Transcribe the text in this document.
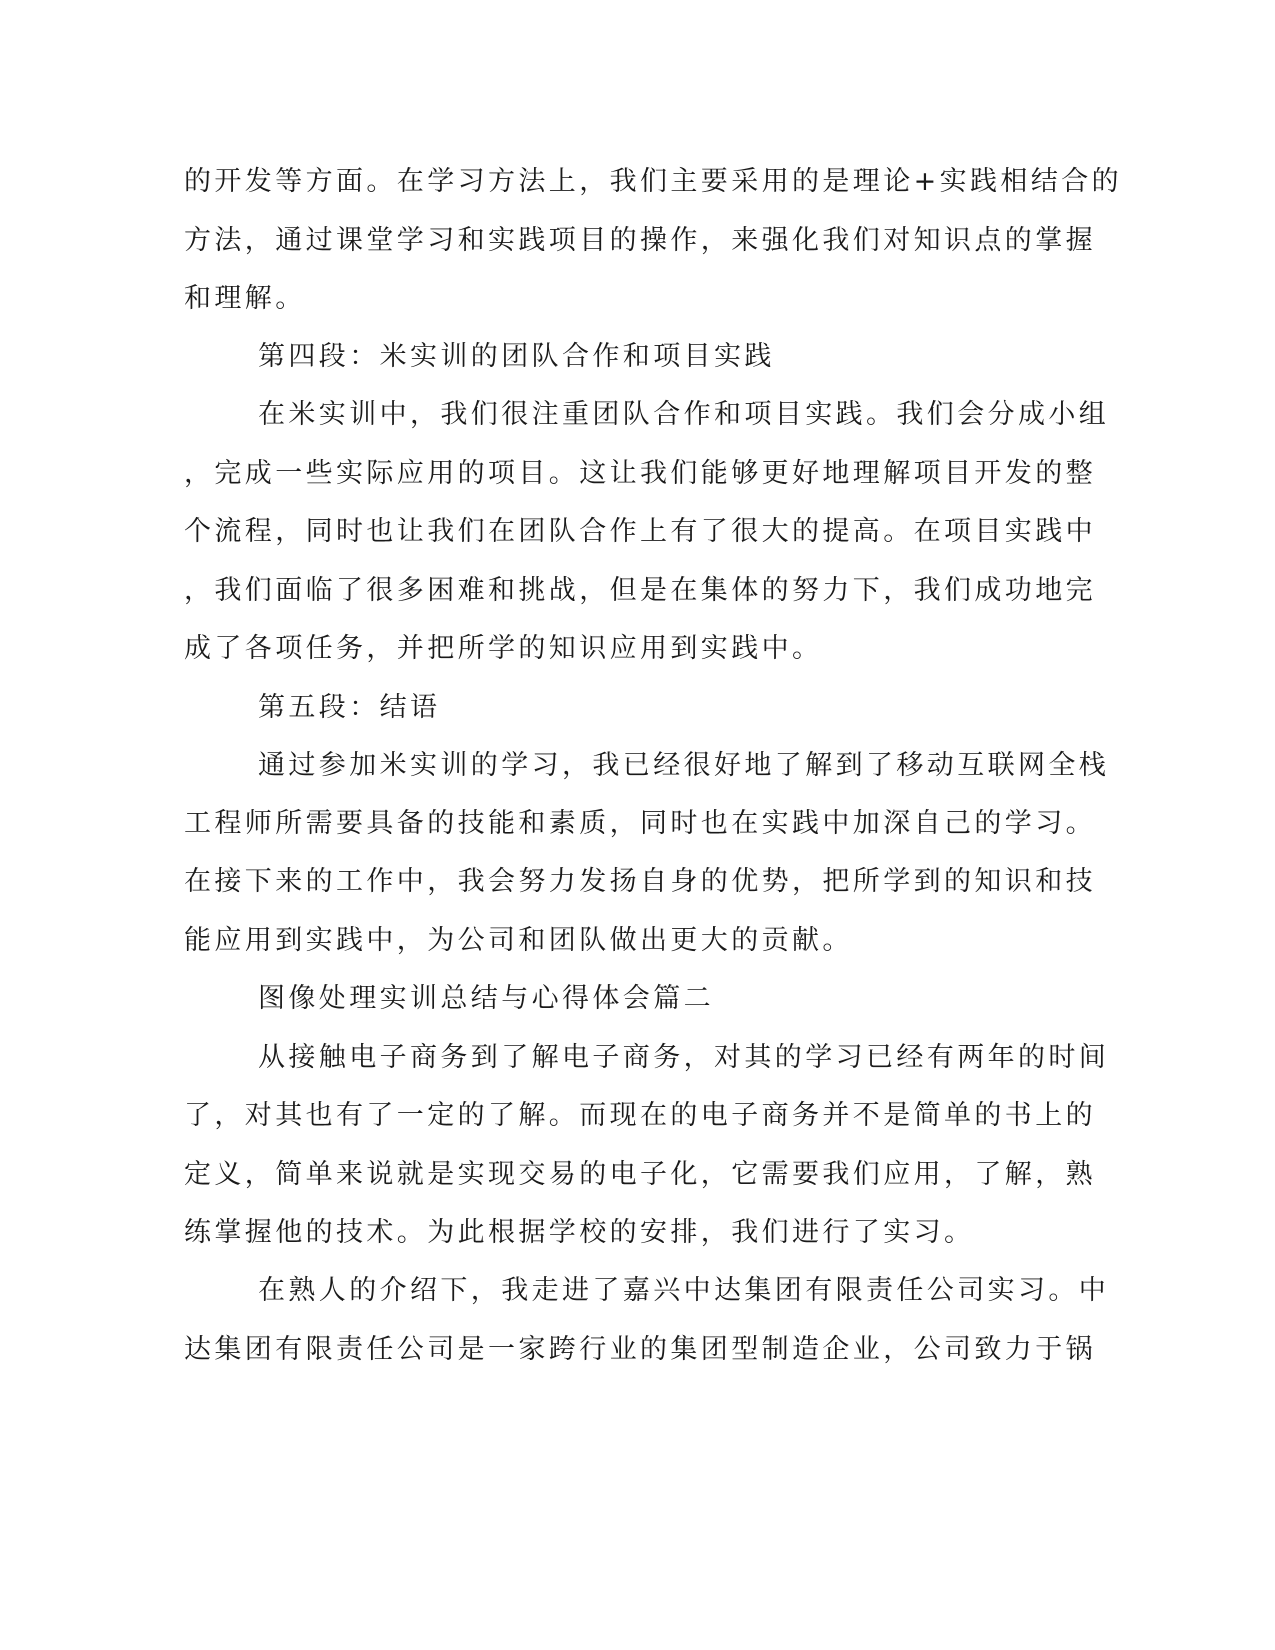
的开发等方面。在学习方法上，我们主要采用的是理论+实践相结合的

方法，通过课堂学习和实践项目的操作，来强化我们对知识点的掌握

和理解。

第四段：米实训的团队合作和项目实践

在米实训中，我们很注重团队合作和项目实践。我们会分成小组

，完成一些实际应用的项目。这让我们能够更好地理解项目开发的整

个流程，同时也让我们在团队合作上有了很大的提高。在项目实践中

，我们面临了很多困难和挑战，但是在集体的努力下，我们成功地完

成了各项任务，并把所学的知识应用到实践中。

第五段：结语

通过参加米实训的学习，我已经很好地了解到了移动互联网全栈

工程师所需要具备的技能和素质，同时也在实践中加深自己的学习。

在接下来的工作中，我会努力发扬自身的优势，把所学到的知识和技

能应用到实践中，为公司和团队做出更大的贡献。

图像处理实训总结与心得体会篇二

从接触电子商务到了解电子商务，对其的学习已经有两年的时间

了，对其也有了一定的了解。而现在的电子商务并不是简单的书上的

定义，简单来说就是实现交易的电子化，它需要我们应用，了解，熟

练掌握他的技术。为此根据学校的安排，我们进行了实习。

在熟人的介绍下，我走进了嘉兴中达集团有限责任公司实习。中

达集团有限责任公司是一家跨行业的集团型制造企业，公司致力于锅
